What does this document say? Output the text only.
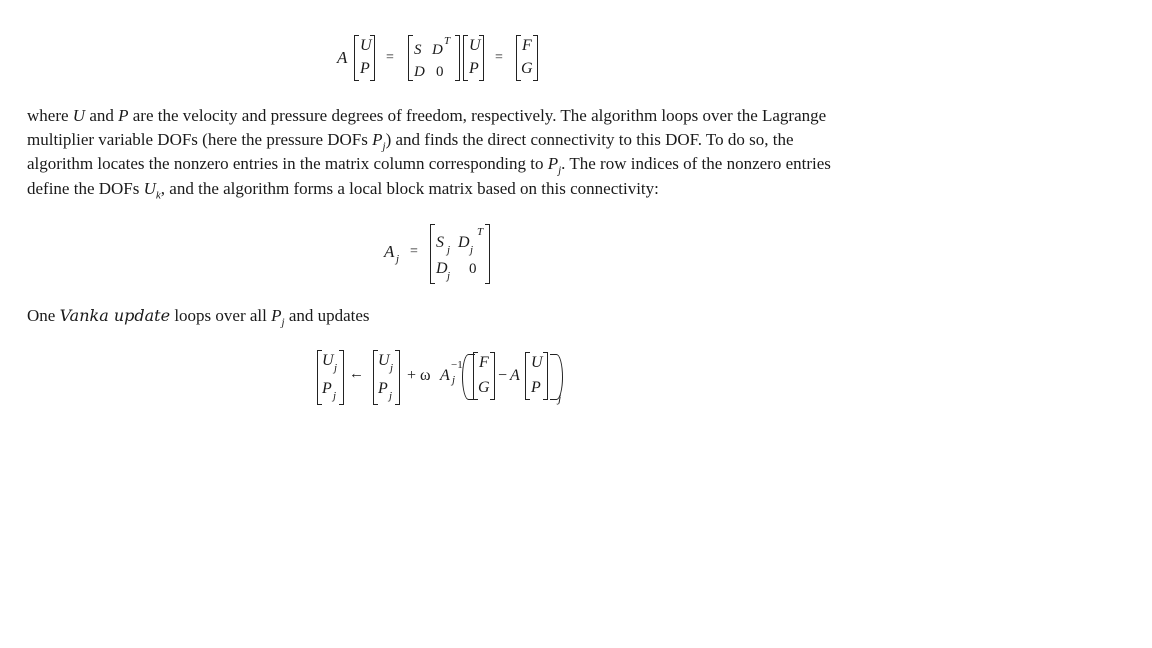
A
U
P
= S D
T
D 0
U
P
=
F
G

where U and P are the velocity and pressure degrees of freedom, respectively. The algorithm loops over the Lagrange multiplier variable DOFs (here the pressure DOFs $P_j$) and finds the direct connectivity to this DOF. To do so, the algorithm locates the nonzero entries in the matrix column corresponding to $P_j$. The row indices of the nonzero entries define the DOFs $U_k$, and the algorithm forms a local block matrix based on this connectivity:

A j =
S j D j
T
D j 0

One Vanka update loops over all $P_j$ and updates

U j
P j
←
U j
P j
+ ω A
−1
j
F
G
− A
U
P
j
